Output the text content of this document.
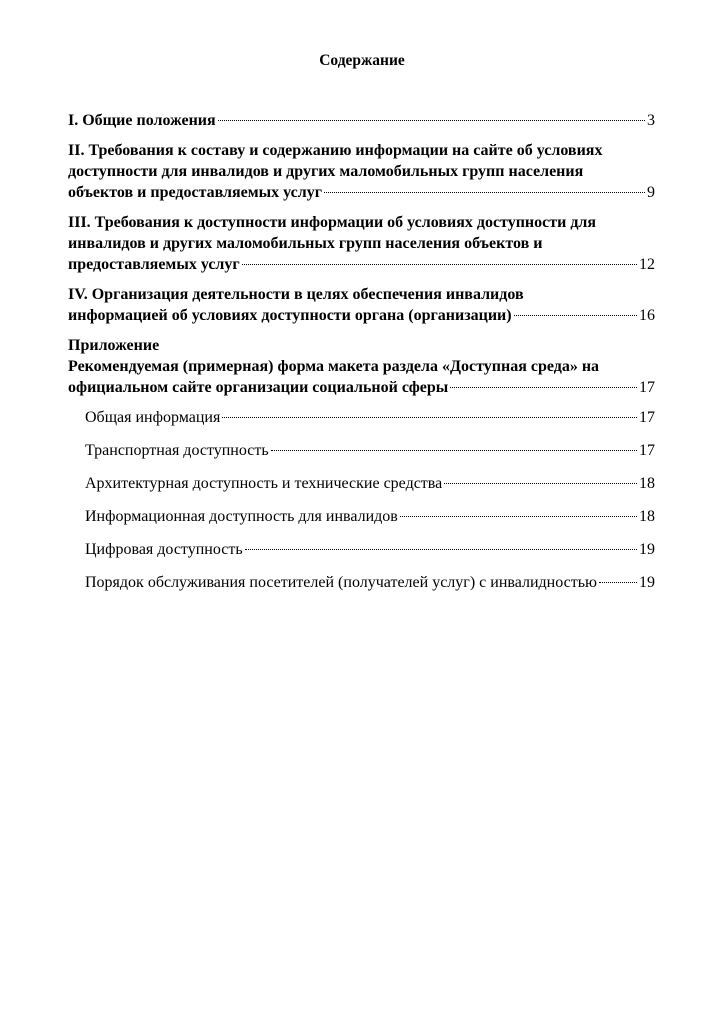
Содержание
I. Общие положения	3
II. Требования к составу и содержанию информации на сайте об условиях
доступности для инвалидов и других маломобильных групп населения
объектов и предоставляемых услуг	9
III. Требования к доступности информации об условиях доступности для
инвалидов и других маломобильных групп населения объектов и
предоставляемых услуг	12
IV. Организация деятельности в целях обеспечения инвалидов
информацией об условиях доступности органа (организации)	16
Приложение
Рекомендуемая (примерная) форма макета раздела «Доступная среда» на
официальном сайте организации социальной сферы	17
Общая информация	17
Транспортная доступность	17
Архитектурная доступность и технические средства	18
Информационная доступность для инвалидов	18
Цифровая доступность	19
Порядок обслуживания посетителей (получателей услуг) с инвалидностью	19
